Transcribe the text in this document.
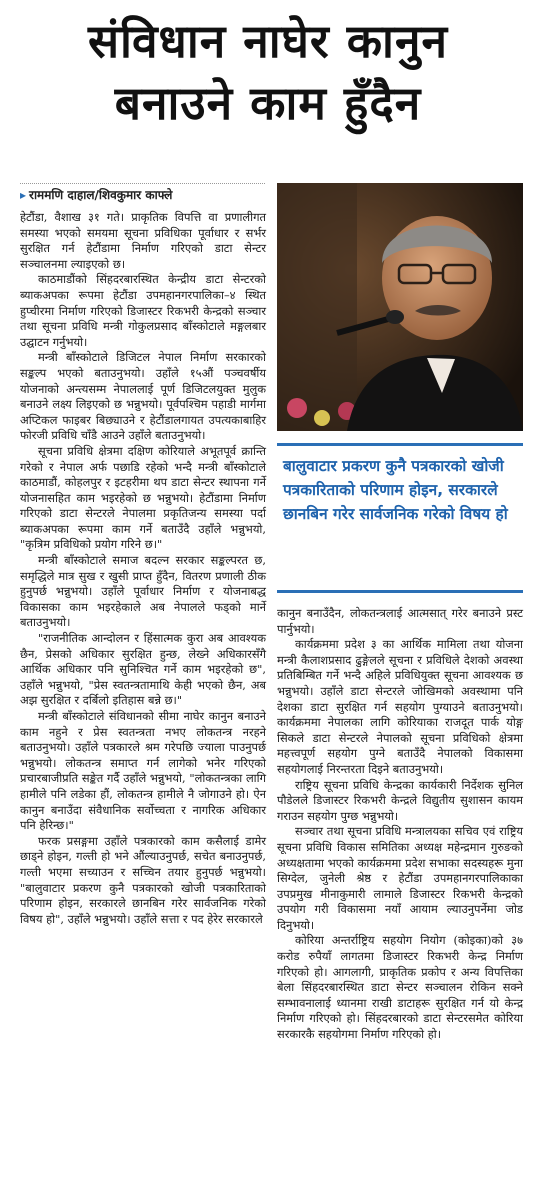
संविधान नाघेर कानुन
बनाउने काम हुँदैन
▸ राममणि दाहाल/शिवकुमार काफ्ले

हेटौंडा, वैशाख ३१ गते। प्राकृतिक विपत्ति वा प्रणालीगत समस्या भएको समयमा सूचना प्रविधिका पूर्वाधार र सर्भर सुरक्षित गर्न हेटौंडामा निर्माण गरिएको डाटा सेन्टर सञ्चालनमा ल्याइएको छ।

काठमाडौंको सिंहदरबारस्थित केन्द्रीय डाटा सेन्टरको ब्याकअपका रूपमा हेटौंडा उपमहानगरपालिका–४ स्थित हुप्चीरमा निर्माण गरिएको डिजास्टर रिकभरी केन्द्रको सञ्चार तथा सूचना प्रविधि मन्त्री गोकुलप्रसाद बाँस्कोटाले मङ्गलबार उद्घाटन गर्नुभयो।

मन्त्री बाँस्कोटाले डिजिटल नेपाल निर्माण सरकारको सङ्कल्प भएको बताउनुभयो। उहाँले १५औं पञ्चवर्षीय योजनाको अन्त्यसम्म नेपाललाई पूर्ण डिजिटलयुक्त मुलुक बनाउने लक्ष्य लिइएको छ भन्नुभयो। पूर्वपश्चिम पहाडी मार्गमा अप्टिकल फाइबर बिछ्याउने र हेटौंडालगायत उपत्यकाबाहिर फोरजी प्रविधि चाँडै आउने उहाँले बताउनुभयो।

सूचना प्रविधि क्षेत्रमा दक्षिण कोरियाले अभूतपूर्व क्रान्ति गरेको र नेपाल अर्फ पछाडि रहेको भन्दै मन्त्री बाँस्कोटाले काठमाडौं, कोहलपुर र इटहरीमा थप डाटा सेन्टर स्थापना गर्ने योजनासहित काम भइरहेको छ भन्नुभयो। हेटौंडामा निर्माण गरिएको डाटा सेन्टरले नेपालमा प्रकृतिजन्य समस्या पर्दा ब्याकअपका रूपमा काम गर्ने बताउँदै उहाँले भन्नुभयो, "कृत्रिम प्रविधिको प्रयोग गरिने छ।"

मन्त्री बाँस्कोटाले समाज बदल्न सरकार सङ्कल्परत छ, समृद्धिले मात्र सुख र खुसी प्राप्त हुँदैन, वितरण प्रणाली ठीक हुनुपर्छ भन्नुभयो। उहाँले पूर्वाधार निर्माण र योजनाबद्ध विकासका काम भइरहेकाले अब नेपालले फड्को मार्ने बताउनुभयो।

"राजनीतिक आन्दोलन र हिंसात्मक कुरा अब आवश्यक छैन, प्रेसको अधिकार सुरक्षित हुन्छ, लेख्ने अधिकारसँगै आर्थिक अधिकार पनि सुनिश्चित गर्ने काम भइरहेको छ", उहाँले भन्नुभयो, "प्रेस स्वतन्त्रतामाथि केही भएको छैन, अब अझ सुरक्षित र दर्बिलो इतिहास बन्ने छ।"

मन्त्री बाँस्कोटाले संविधानको सीमा नाघेर कानुन बनाउने काम नहुने र प्रेस स्वतन्त्रता नभए लोकतन्त्र नरहने बताउनुभयो। उहाँले पत्रकारले श्रम गरेपछि ज्याला पाउनुपर्छ भन्नुभयो। लोकतन्त्र समाप्त गर्न लागेको भनेर गरिएको प्रचारबाजीप्रति सङ्केत गर्दै उहाँले भन्नुभयो, "लोकतन्त्रका लागि हामीले पनि लडेका हौं, लोकतन्त्र हामीले नै जोगाउने हो। ऐन कानुन बनाउँदा संवैधानिक सर्वोच्चता र नागरिक अधिकार पनि हेरिन्छ।"

फरक प्रसङ्गमा उहाँले पत्रकारको काम कसैलाई डामेर छाड्ने होइन, गल्ती हो भने औंल्याउनुपर्छ, सचेत बनाउनुपर्छ, गल्ती भएमा सच्याउन र सच्चिन तयार हुनुपर्छ भन्नुभयो। "बालुवाटार प्रकरण कुनै पत्रकारको खोजी पत्रकारिताको परिणाम होइन, सरकारले छानबिन गरेर सार्वजनिक गरेको विषय हो", उहाँले भन्नुभयो। उहाँले सत्ता र पद हेरेर सरकारले

बालुवाटार प्रकरण कुनै पत्रकारको खोजी पत्रकारिताको परिणाम होइन, सरकारले छानबिन गरेर सार्वजनिक गरेको विषय हो

कानुन बनाउँदैन, लोकतन्त्रलाई आत्मसात् गरेर बनाउने प्रस्ट पार्नुभयो।

कार्यक्रममा प्रदेश ३ का आर्थिक मामिला तथा योजना मन्त्री कैलाशप्रसाद ढुङ्गेलले सूचना र प्रविधिले देशको अवस्था प्रतिबिम्बित गर्ने भन्दै अहिले प्रविधियुक्त सूचना आवश्यक छ भन्नुभयो। उहाँले डाटा सेन्टरले जोखिमको अवस्थामा पनि देशका डाटा सुरक्षित गर्न सहयोग पुग्याउने बताउनुभयो। कार्यक्रममा नेपालका लागि कोरियाका राजदूत पार्क योङ्ग सिकले डाटा सेन्टरले नेपालको सूचना प्रविधिको क्षेत्रमा महत्त्वपूर्ण सहयोग पुग्ने बताउँदै नेपालको विकासमा सहयोगलाई निरन्तरता दिइने बताउनुभयो।

राष्ट्रिय सूचना प्रविधि केन्द्रका कार्यकारी निर्देशक सुनिल पौडेलले डिजास्टर रिकभरी केन्द्रले विद्युतीय सुशासन कायम गराउन सहयोग पुग्छ भन्नुभयो।

सञ्चार तथा सूचना प्रविधि मन्त्रालयका सचिव एवं राष्ट्रिय सूचना प्रविधि विकास समितिका अध्यक्ष महेन्द्रमान गुरुङको अध्यक्षतामा भएको कार्यक्रममा प्रदेश सभाका सदस्यहरू मुना सिग्देल, जुनेली श्रेष्ठ र हेटौंडा उपमहानगरपालिकाका उपप्रमुख मीनाकुमारी लामाले डिजास्टर रिकभरी केन्द्रको उपयोग गरी विकासमा नयाँ आयाम ल्याउनुपर्नेमा जोड दिनुभयो।

कोरिया अन्तर्राष्ट्रिय सहयोग नियोग (कोइका)को ३७ करोड रुपैयाँ लागतमा डिजास्टर रिकभरी केन्द्र निर्माण गरिएको हो। आगलागी, प्राकृतिक प्रकोप र अन्य विपत्तिका बेला सिंहदरबारस्थित डाटा सेन्टर सञ्चालन रोकिन सक्ने सम्भावनालाई ध्यानमा राखी डाटाहरू सुरक्षित गर्न यो केन्द्र निर्माण गरिएको हो। सिंहदरबारको डाटा सेन्टरसमेत कोरिया सरकारकै सहयोगमा निर्माण गरिएको हो।
